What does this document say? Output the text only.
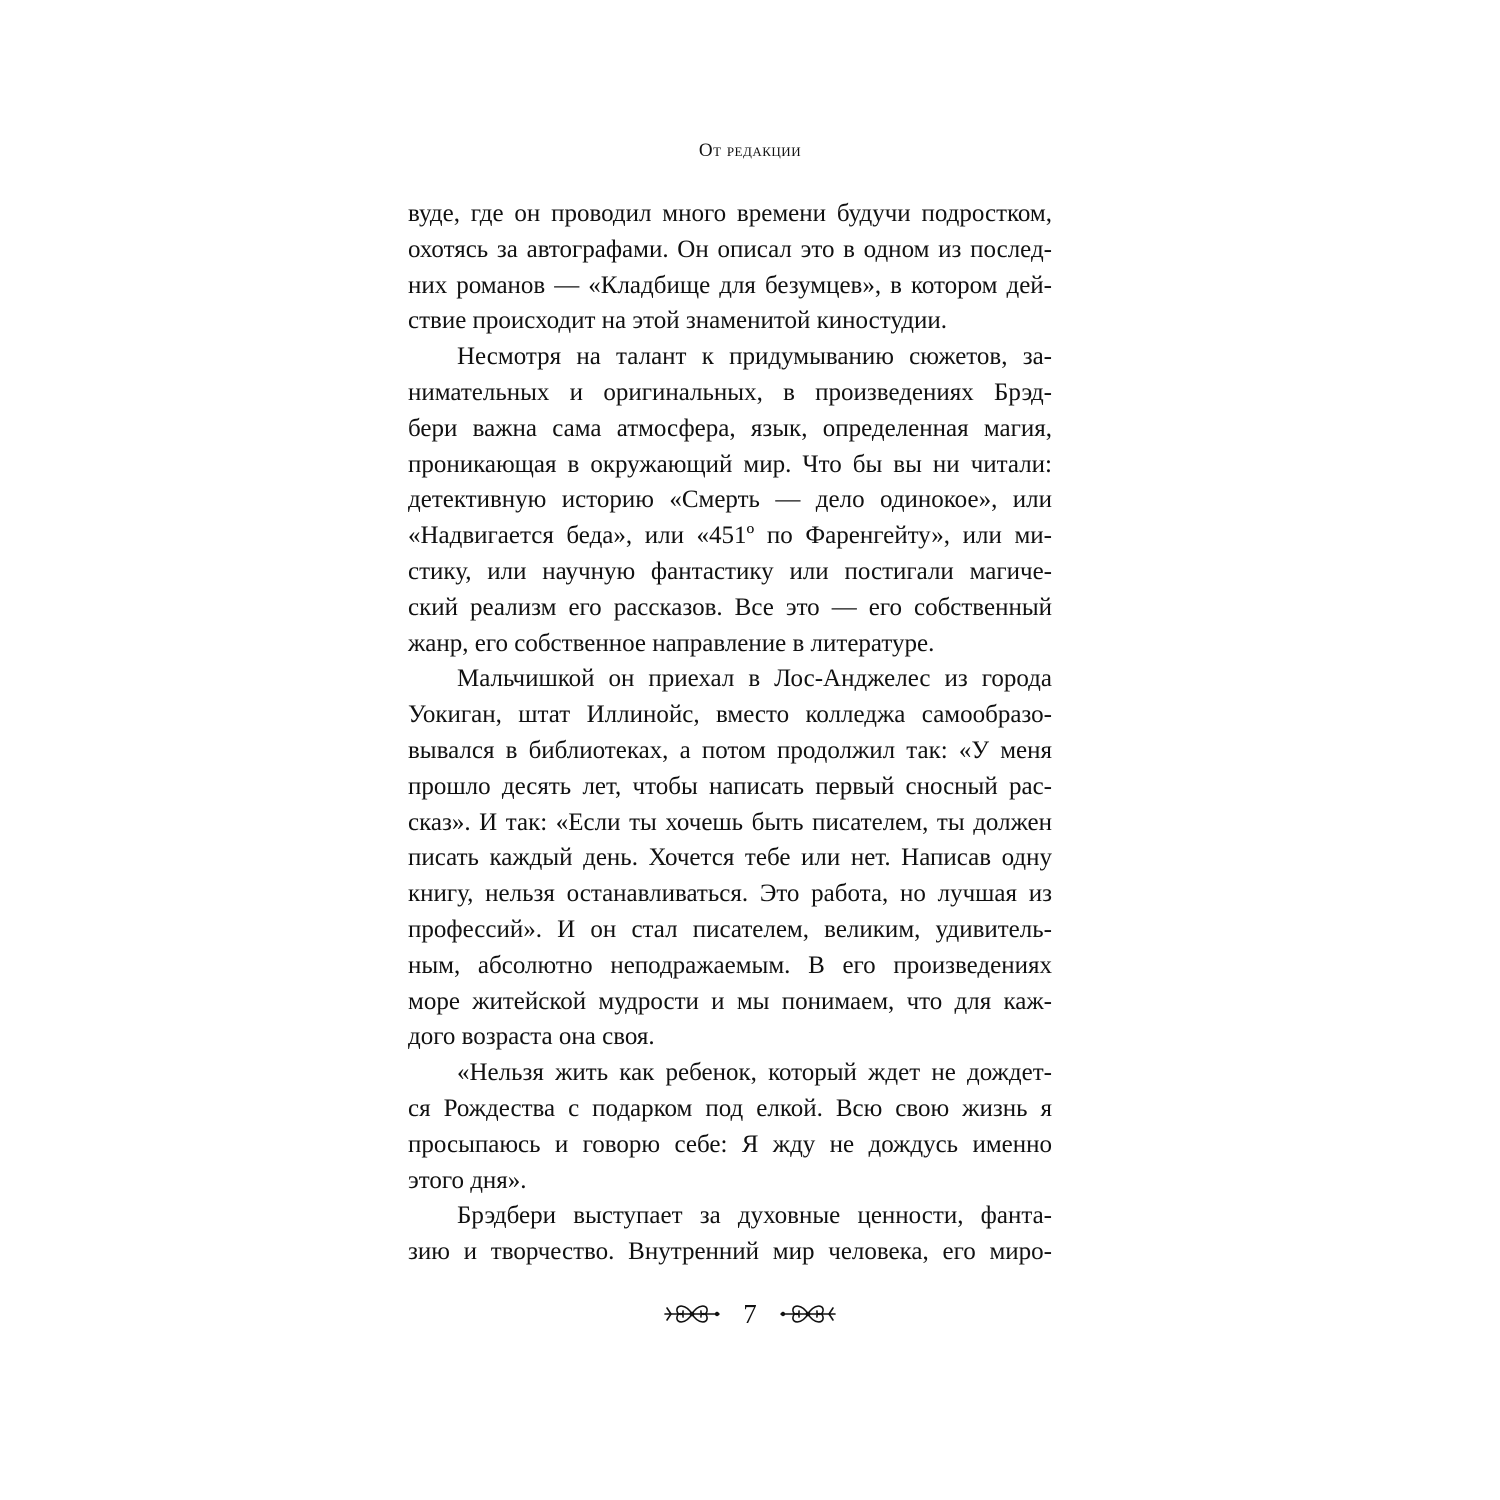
От редакции
вуде, где он проводил много времени будучи подростком,
охотясь за автографами. Он описал это в одном из послед-
них романов — «Кладбище для безумцев», в котором дей-
ствие происходит на этой знаменитой киностудии.
Несмотря на талант к придумыванию сюжетов, за-
нимательных и оригинальных, в произведениях Брэд-
бери важна сама атмосфера, язык, определенная магия,
проникающая в окружающий мир. Что бы вы ни читали:
детективную историю «Смерть — дело одинокое», или
«Надвигается беда», или «451º по Фаренгейту», или ми-
стику, или научную фантастику или постигали магиче-
ский реализм его рассказов. Все это — его собственный
жанр, его собственное направление в литературе.
Мальчишкой он приехал в Лос-Анджелес из города
Уокиган, штат Иллинойс, вместо колледжа самообразо-
вывался в библиотеках, а потом продолжил так: «У меня
прошло десять лет, чтобы написать первый сносный рас-
сказ». И так: «Если ты хочешь быть писателем, ты должен
писать каждый день. Хочется тебе или нет. Написав одну
книгу, нельзя останавливаться. Это работа, но лучшая из
профессий». И он стал писателем, великим, удивитель-
ным, абсолютно неподражаемым. В его произведениях
море житейской мудрости и мы понимаем, что для каж-
дого возраста она своя.
«Нельзя жить как ребенок, который ждет не дождет-
ся Рождества с подарком под елкой. Всю свою жизнь я
просыпаюсь и говорю себе: Я жду не дождусь именно
этого дня».
Брэдбери выступает за духовные ценности, фанта-
зию и творчество. Внутренний мир человека, его миро-
7
